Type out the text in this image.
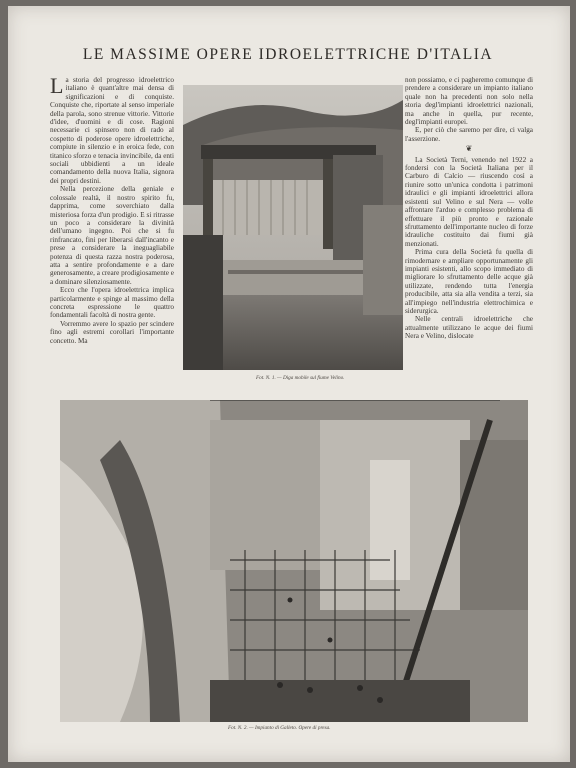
LE MASSIME OPERE IDROELETTRICHE D'ITALIA

La storia del progresso idroelettrico italiano è quant'altre mai densa di significazioni e di conquiste. Conquiste che, riportate al senso imperiale della parola, sono strenue vittorie. Vittorie d'idee, d'uomini e di cose. Ragioni necessarie ci spinsero non di rado al cospetto di poderose opere idroelettriche, compiute in silenzio e in eroica fede, con titanico sforzo e tenacia invincibile, da enti sociali ubbidienti a un ideale comandamento della nuova Italia, signora dei propri destini.

Nella percezione della geniale e colossale realtà, il nostro spirito fu, dapprima, come soverchiato dalla misteriosa forza d'un prodigio. E si ritrasse un poco a considerare la divinità dell'umano ingegno. Poi che si fu rinfrancato, fini per liberarsi dall'incanto e prese a considerare la ineguagliabile potenza di questa razza nostra poderosa, atta a sentire profondamente e a dare generosamente, a creare prodigiosamente e a dominare silenziosamente.

Ecco che l'opera idroelettrica implica particolarmente e spinge al massimo della concreta espressione le quattro fondamentali facoltà di nostra gente.

Vorremmo avere lo spazio per scindere fino agli estremi corollari l'importante concetto. Ma

non possiamo, e ci pagheremo comunque di prendere a considerare un impianto italiano quale non ha precedenti non solo nella storia degl'impianti idroelettrici nazionali, ma anche in quella, pur recente, degl'impianti europei.

E, per ciò che saremo per dire, ci valga l'asserzione.

❦

La Società Terni, venendo nel 1922 a fondersi con la Società Italiana per il Carburo di Calcio — riuscendo così a riunire sotto un'unica condotta i patrimoni idraulici e gli impianti idroelettrici allora esistenti sul Velino e sul Nera — volle affrontare l'arduo e complesso problema di effettuare il più pronto e razionale sfruttamento dell'importante nucleo di forze idrauliche costituito dai fiumi già menzionati.

Prima cura della Società fu quella di rimodernare e ampliare opportunamente gli impianti esistenti, allo scopo immediato di migliorare lo sfruttamento delle acque già utilizzate, rendendo tutta l'energia producibile, atta sia alla vendita a terzi, sia all'impiego nell'industria elettrochimica e siderurgica.

Nelle centrali idroelettriche che attualmente utilizzano le acque dei fiumi Nera e Velino, dislocate

Fot. N. 1. — Diga mobile sul fiume Velino.
Fot. N. 2. — Impianto di Galleto. Opere di presa.
